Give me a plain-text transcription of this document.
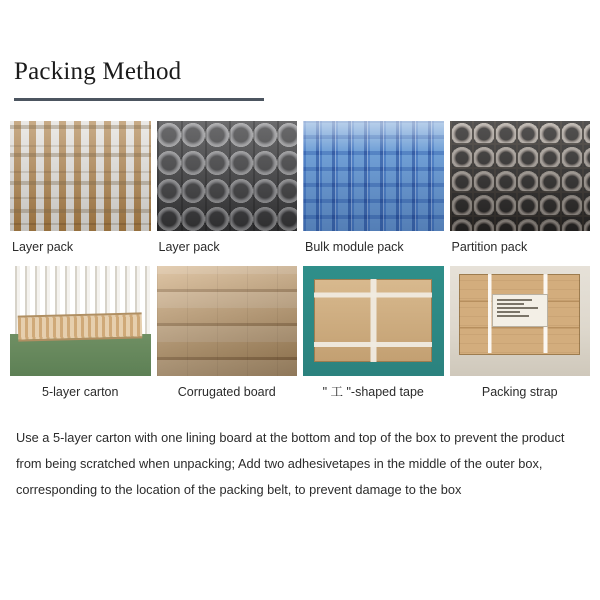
Packing Method
Layer pack	Layer pack	Bulk module pack	Partition pack
5-layer carton	Corrugated board	" 工 "-shaped tape	Packing strap
Use a 5-layer carton with one lining board at the bottom and top of the box to prevent the product from being scratched when unpacking; Add two adhesivetapes in the middle of the outer box, corresponding to the location of the packing belt, to prevent damage to the box
